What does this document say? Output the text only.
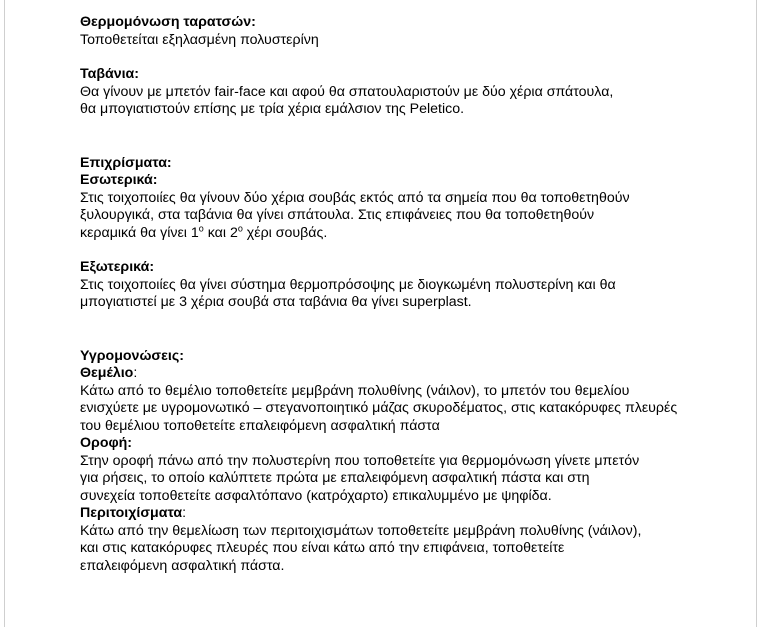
Θερμομόνωση ταρατσών:
Τοποθετείται εξηλασμένη πολυστερίνη
Ταβάνια:
Θα γίνουν με μπετόν fair-face και αφού θα σπατουλαριστούν με δύο χέρια σπάτουλα,
θα μπογιατιστούν επίσης με τρία χέρια εμάλσιον της Peletico.
Επιχρίσματα:
Εσωτερικά:
Στις τοιχοποιίες θα γίνουν δύο χέρια σουβάς εκτός από τα σημεία που θα τοποθετηθούν
ξυλουργικά, στα ταβάνια θα γίνει σπάτουλα. Στις επιφάνειες που θα τοποθετηθούν
κεραμικά θα γίνει $1^o$ και $2^o$ χέρι σουβάς.
Εξωτερικά:
Στις τοιχοποιίες θα γίνει σύστημα θερμοπρόσοψης με διογκωμένη πολυστερίνη και θα
μπογιατιστεί με 3 χέρια σουβά στα ταβάνια θα γίνει superplast.
Υγρομονώσεις:
Θεμέλιο:
Κάτω από το θεμέλιο τοποθετείτε μεμβράνη πολυθίνης (νάιλον), το μπετόν του θεμελίου
ενισχύετε με υγρομονωτικό – στεγανοποιητικό μάζας σκυροδέματος, στις κατακόρυφες πλευρές
του θεμέλιου τοποθετείτε επαλειφόμενη ασφαλτική πάστα
Οροφή:
Στην οροφή πάνω από την πολυστερίνη που τοποθετείτε για θερμομόνωση γίνετε μπετόν
για ρήσεις, το οποίο καλύπτετε πρώτα με επαλειφόμενη ασφαλτική πάστα και στη
συνεχεία τοποθετείτε ασφαλτόπανο (κατρόχαρτο) επικαλυμμένο με ψηφίδα.
Περιτοιχίσματα:
Κάτω από την θεμελίωση των περιτοιχισμάτων τοποθετείτε μεμβράνη πολυθίνης (νάιλον),
και στις κατακόρυφες πλευρές που είναι κάτω από την επιφάνεια, τοποθετείτε
επαλειφόμενη ασφαλτική πάστα.
